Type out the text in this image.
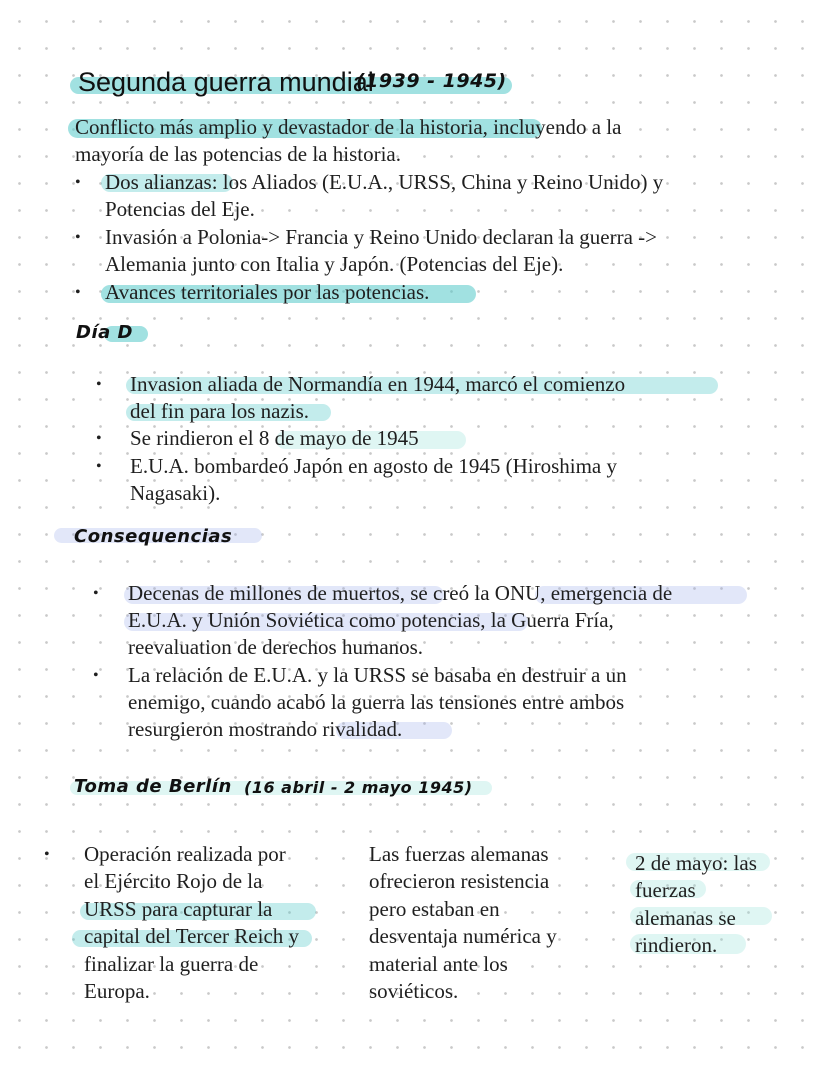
Segunda guerra mundial
(1939 - 1945)
Conflicto más amplio y devastador de la historia, incluyendo a la
mayoría de las potencias de la historia.
• Dos alianzas: los Aliados (E.U.A., URSS, China y Reino Unido) y
Potencias del Eje.
• Invasión a Polonia-> Francia y Reino Unido declaran la guerra ->
Alemania junto con Italia y Japón. (Potencias del Eje).
• Avances territoriales por las potencias.
Día D
• Invasion aliada de Normandía en 1944, marcó el comienzo
del fin para los nazis.
• Se rindieron el 8 de mayo de 1945
• E.U.A. bombardeó Japón en agosto de 1945 (Hiroshima y
Nagasaki).
Consequencias
• Decenas de millones de muertos, se creó la ONU, emergencia de
E.U.A. y Unión Soviética como potencias, la Guerra Fría,
reevaluation de derechos humanos.
• La relación de E.U.A. y la URSS se basaba en destruir a un
enemigo, cuando acabó la guerra las tensiones entre ambos
resurgieron mostrando rivalidad.
Toma de Berlín (16 abril - 2 mayo 1945)
• Operación realizada por
el Ejército Rojo de la
URSS para capturar la
capital del Tercer Reich y
finalizar la guerra de
Europa.
Las fuerzas alemanas
ofrecieron resistencia
pero estaban en
desventaja numérica y
material ante los
soviéticos.
2 de mayo: las
fuerzas
alemanas se
rindieron.
